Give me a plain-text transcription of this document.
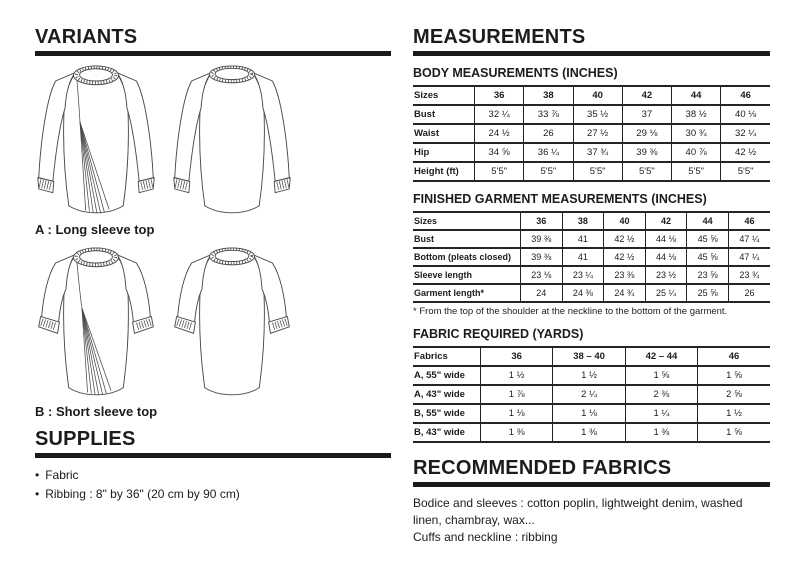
VARIANTS
A : Long sleeve top
B : Short sleeve top
SUPPLIES
• Fabric
• Ribbing : 8" by 36" (20 cm by 90 cm)
MEASUREMENTS
BODY MEASUREMENTS (INCHES)
Sizes	36	38	40	42	44	46
Bust	32 ¼	33 ⅞	35 ½	37	38 ½	40 ⅛
Waist	24 ½	26	27 ½	29 ⅛	30 ¾	32 ¼
Hip	34 ⅝	36 ¼	37 ¾	39 ⅜	40 ⅞	42 ½
Height (ft)	5'5"	5'5"	5'5"	5'5"	5'5"	5'5"
FINISHED GARMENT MEASUREMENTS (INCHES)
Sizes	36	38	40	42	44	46
Bust	39 ⅜	41	42 ½	44 ⅛	45 ⅝	47 ¼
Bottom (pleats closed)	39 ⅜	41	42 ½	44 ⅛	45 ⅝	47 ¼
Sleeve length	23 ⅛	23 ¼	23 ⅜	23 ½	23 ⅝	23 ¾
Garment length*	24	24 ⅜	24 ¾	25 ¼	25 ⅝	26
* From the top of the shoulder at the neckline to the bottom of the garment.
FABRIC REQUIRED (YARDS)
Fabrics	36	38 – 40	42 – 44	46
A, 55" wide	1 ½	1 ½	1 ⅝	1 ⅝
A, 43" wide	1 ⅞	2 ¼	2 ⅜	2 ⅝
B, 55" wide	1 ⅛	1 ⅛	1 ¼	1 ½
B, 43" wide	1 ⅜	1 ⅜	1 ⅜	1 ⅝
RECOMMENDED FABRICS
Bodice and sleeves : cotton poplin, lightweight denim, washed linen, chambray, wax...
Cuffs and neckline : ribbing
